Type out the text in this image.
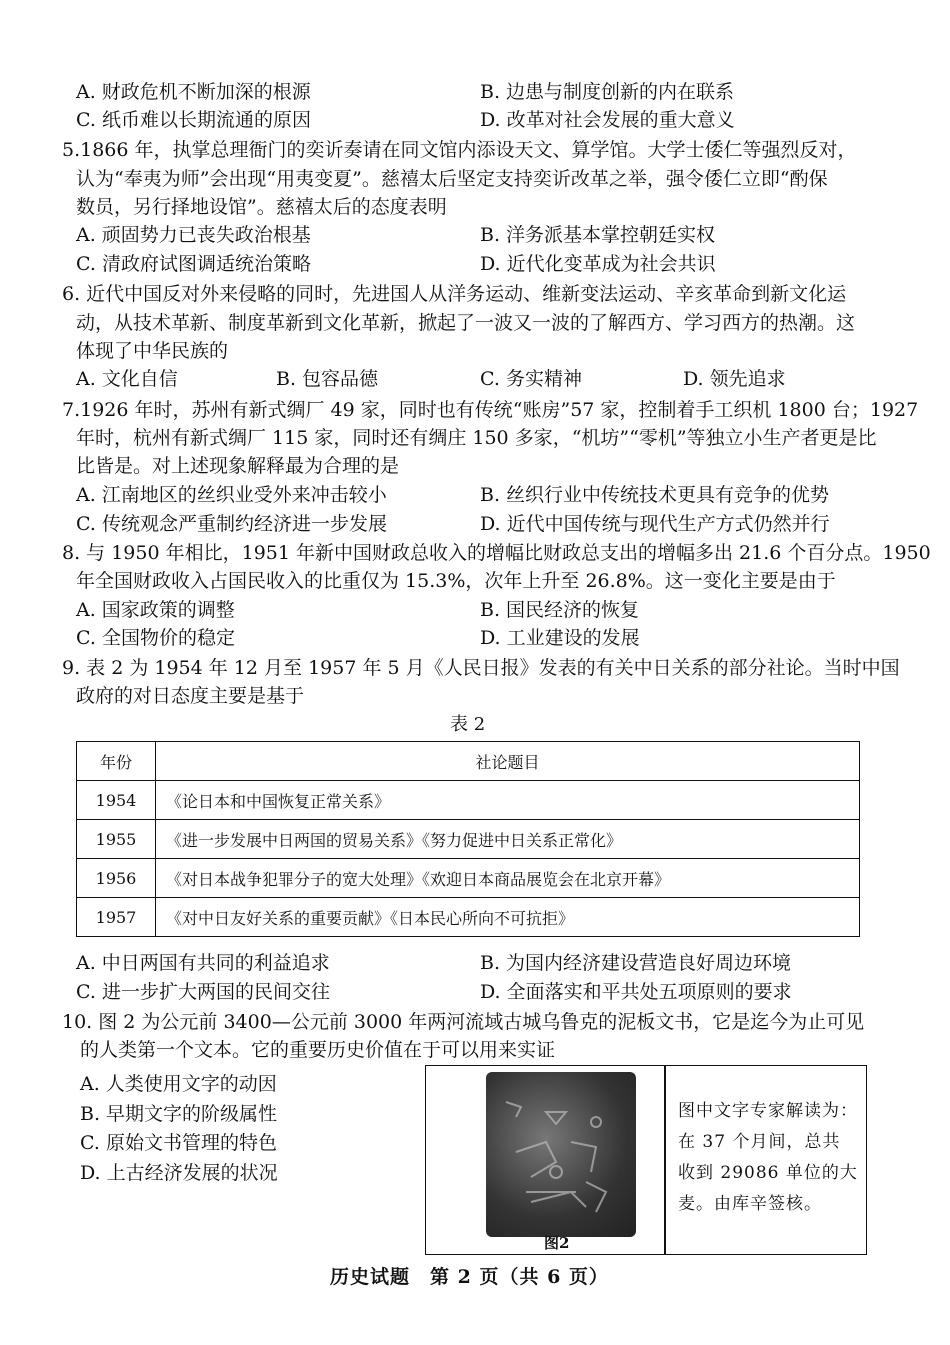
A. 财政危机不断加深的根源	B. 边患与制度创新的内在联系
C. 纸币难以长期流通的原因	D. 改革对社会发展的重大意义
5.1866 年，执掌总理衙门的奕䜣奏请在同文馆内添设天文、算学馆。大学士倭仁等强烈反对，
认为“奉夷为师”会出现“用夷变夏”。慈禧太后坚定支持奕䜣改革之举，强令倭仁立即“酌保
数员，另行择地设馆”。慈禧太后的态度表明
A. 顽固势力已丧失政治根基	B. 洋务派基本掌控朝廷实权
C. 清政府试图调适统治策略	D. 近代化变革成为社会共识
6. 近代中国反对外来侵略的同时，先进国人从洋务运动、维新变法运动、辛亥革命到新文化运
动，从技术革新、制度革新到文化革新，掀起了一波又一波的了解西方、学习西方的热潮。这
体现了中华民族的
A. 文化自信	B. 包容品德	C. 务实精神	D. 领先追求
7.1926 年时，苏州有新式绸厂 49 家，同时也有传统“账房”57 家，控制着手工织机 1800 台；1927
年时，杭州有新式绸厂 115 家，同时还有绸庄 150 多家，“机坊”“零机”等独立小生产者更是比
比皆是。对上述现象解释最为合理的是
A. 江南地区的丝织业受外来冲击较小	B. 丝织行业中传统技术更具有竞争的优势
C. 传统观念严重制约经济进一步发展	D. 近代中国传统与现代生产方式仍然并行
8. 与 1950 年相比，1951 年新中国财政总收入的增幅比财政总支出的增幅多出 21.6 个百分点。1950
年全国财政收入占国民收入的比重仅为 15.3%，次年上升至 26.8%。这一变化主要是由于
A. 国家政策的调整	B. 国民经济的恢复
C. 全国物价的稳定	D. 工业建设的发展
9. 表 2 为 1954 年 12 月至 1957 年 5 月《人民日报》发表的有关中日关系的部分社论。当时中国
政府的对日态度主要是基于
表 2
年份	社论题目
1954	《论日本和中国恢复正常关系》
1955	《进一步发展中日两国的贸易关系》《努力促进中日关系正常化》
1956	《对日本战争犯罪分子的宽大处理》《欢迎日本商品展览会在北京开幕》
1957	《对中日友好关系的重要贡献》《日本民心所向不可抗拒》
A. 中日两国有共同的利益追求	B. 为国内经济建设营造良好周边环境
C. 进一步扩大两国的民间交往	D. 全面落实和平共处五项原则的要求
10. 图 2 为公元前 3400—公元前 3000 年两河流域古城乌鲁克的泥板文书，它是迄今为止可见
的人类第一个文本。它的重要历史价值在于可以用来实证
A. 人类使用文字的动因
B. 早期文字的阶级属性
C. 原始文书管理的特色
D. 上古经济发展的状况
图2
图中文字专家解读为：在 37 个月间，总共收到 29086 单位的大麦。由库辛签核。
历史试题　第 2 页（共 6 页）
